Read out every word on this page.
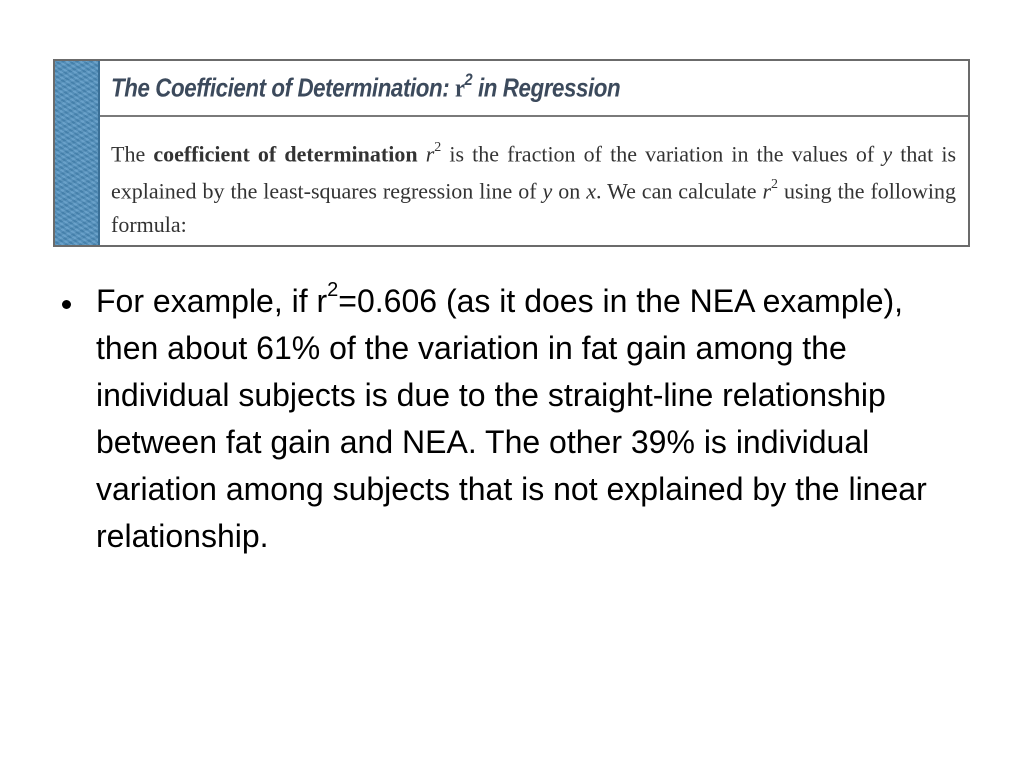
The Coefficient of Determination: $r^2$ in Regression

The coefficient of determination $r^2$ is the fraction of the variation in the values of y that is explained by the least-squares regression line of y on x. We can calculate $r^2$ using the following formula:

For example, if $r^2=0.606$ (as it does in the NEA example), then about 61% of the variation in fat gain among the individual subjects is due to the straight-line relationship between fat gain and NEA. The other 39% is individual variation among subjects that is not explained by the linear relationship.
